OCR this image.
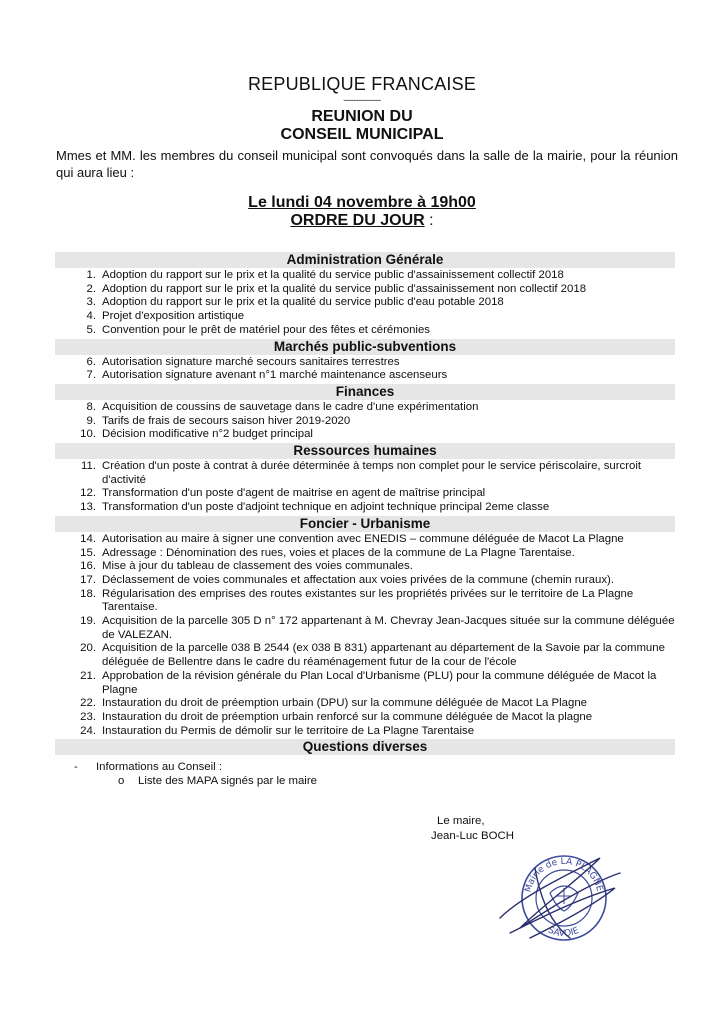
REPUBLIQUE FRANCAISE
---------------
REUNION DU
CONSEIL MUNICIPAL

Mmes et MM. les membres du conseil municipal sont convoqués dans la salle de la mairie, pour la réunion qui aura lieu :

Le lundi 04 novembre à 19h00
ORDRE DU JOUR :
Administration Générale
1. Adoption du rapport sur le prix et la qualité du service public d'assainissement collectif 2018
2. Adoption du rapport sur le prix et la qualité du service public d'assainissement non collectif 2018
3. Adoption du rapport sur le prix et la qualité du service public d'eau potable 2018
4. Projet d'exposition artistique
5. Convention pour le prêt de matériel pour des fêtes et cérémonies
Marchés public-subventions
6. Autorisation signature marché secours sanitaires terrestres
7. Autorisation signature avenant n°1 marché maintenance ascenseurs
Finances
8. Acquisition de coussins de sauvetage dans le cadre d'une expérimentation
9. Tarifs de frais de secours saison hiver 2019-2020
10. Décision modificative n°2 budget principal
Ressources humaines
11. Création d'un poste à contrat à durée déterminée à temps non complet pour le service périscolaire, surcroit d'activité
12. Transformation d'un poste d'agent de maitrise en agent de maîtrise principal
13. Transformation d'un poste d'adjoint technique en adjoint technique principal 2eme classe
Foncier - Urbanisme
14. Autorisation au maire à signer une convention avec ENEDIS – commune déléguée de Macot La Plagne
15. Adressage : Dénomination des rues, voies et places de la commune de La Plagne Tarentaise.
16. Mise à jour du tableau de classement des voies communales.
17. Déclassement de voies communales et affectation aux voies privées de la commune (chemin ruraux).
18. Régularisation des emprises des routes existantes sur les propriétés privées sur le territoire de La Plagne Tarentaise.
19. Acquisition de la parcelle 305 D n° 172 appartenant à M. Chevray Jean-Jacques située sur la commune déléguée de VALEZAN.
20. Acquisition de la parcelle 038 B 2544 (ex 038 B 831) appartenant au département de la Savoie par la commune déléguée de Bellentre dans le cadre du réaménagement futur de la cour de l'école
21. Approbation de la révision générale du Plan Local d'Urbanisme (PLU) pour la commune déléguée de Macot la Plagne
22. Instauration du droit de préemption urbain (DPU) sur la commune déléguée de Macot La Plagne
23. Instauration du droit de préemption urbain renforcé sur la commune déléguée de Macot la plagne
24. Instauration du Permis de démolir sur le territoire de La Plagne Tarentaise
Questions diverses
- Informations au Conseil :
o Liste des MAPA signés par le maire
Le maire,
Jean-Luc BOCH
Mairie de LA PLAGNE
SAVOIE
